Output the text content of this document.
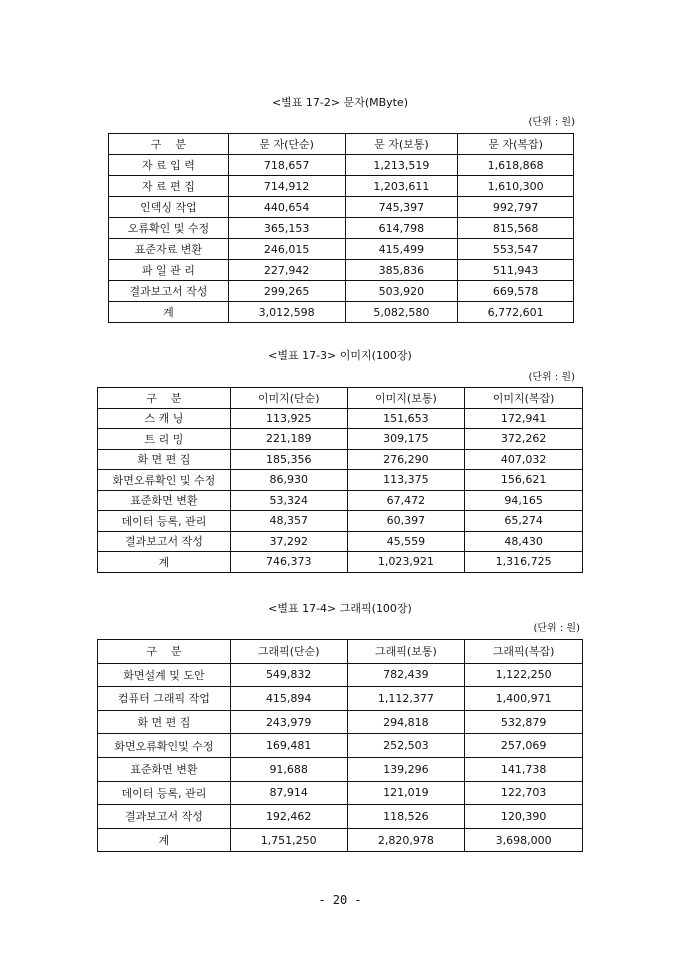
<별표 17-2> 문자(MByte)
(단위 : 원)
구    분	문 자(단순)	문 자(보통)	문 자(복잡)
자 료 입 력	718,657	1,213,519	1,618,868
자 료 편 집	714,912	1,203,611	1,610,300
인덱싱 작업	440,654	745,397	992,797
오류확인 및 수정	365,153	614,798	815,568
표준자료 변환	246,015	415,499	553,547
파 일 관 리	227,942	385,836	511,943
결과보고서 작성	299,265	503,920	669,578
계	3,012,598	5,082,580	6,772,601
<별표 17-3> 이미지(100장)
(단위 : 원)
구    분	이미지(단순)	이미지(보통)	이미지(복잡)
스 캐 닝	113,925	151,653	172,941
트 리 밍	221,189	309,175	372,262
화 면 편 집	185,356	276,290	407,032
화면오류확인 및 수정	86,930	113,375	156,621
표준화면 변환	53,324	67,472	94,165
데이터 등록, 관리	48,357	60,397	65,274
결과보고서 작성	37,292	45,559	48,430
계	746,373	1,023,921	1,316,725
<별표 17-4> 그래픽(100장)
(단위 : 원)
구    분	그래픽(단순)	그래픽(보통)	그래픽(복잡)
화면설계 및 도안	549,832	782,439	1,122,250
컴퓨터 그래픽 작업	415,894	1,112,377	1,400,971
화 면 편 집	243,979	294,818	532,879
화면오류확인및 수정	169,481	252,503	257,069
표준화면 변환	91,688	139,296	141,738
데이터 등록, 관리	87,914	121,019	122,703
결과보고서 작성	192,462	118,526	120,390
계	1,751,250	2,820,978	3,698,000
- 20 -
